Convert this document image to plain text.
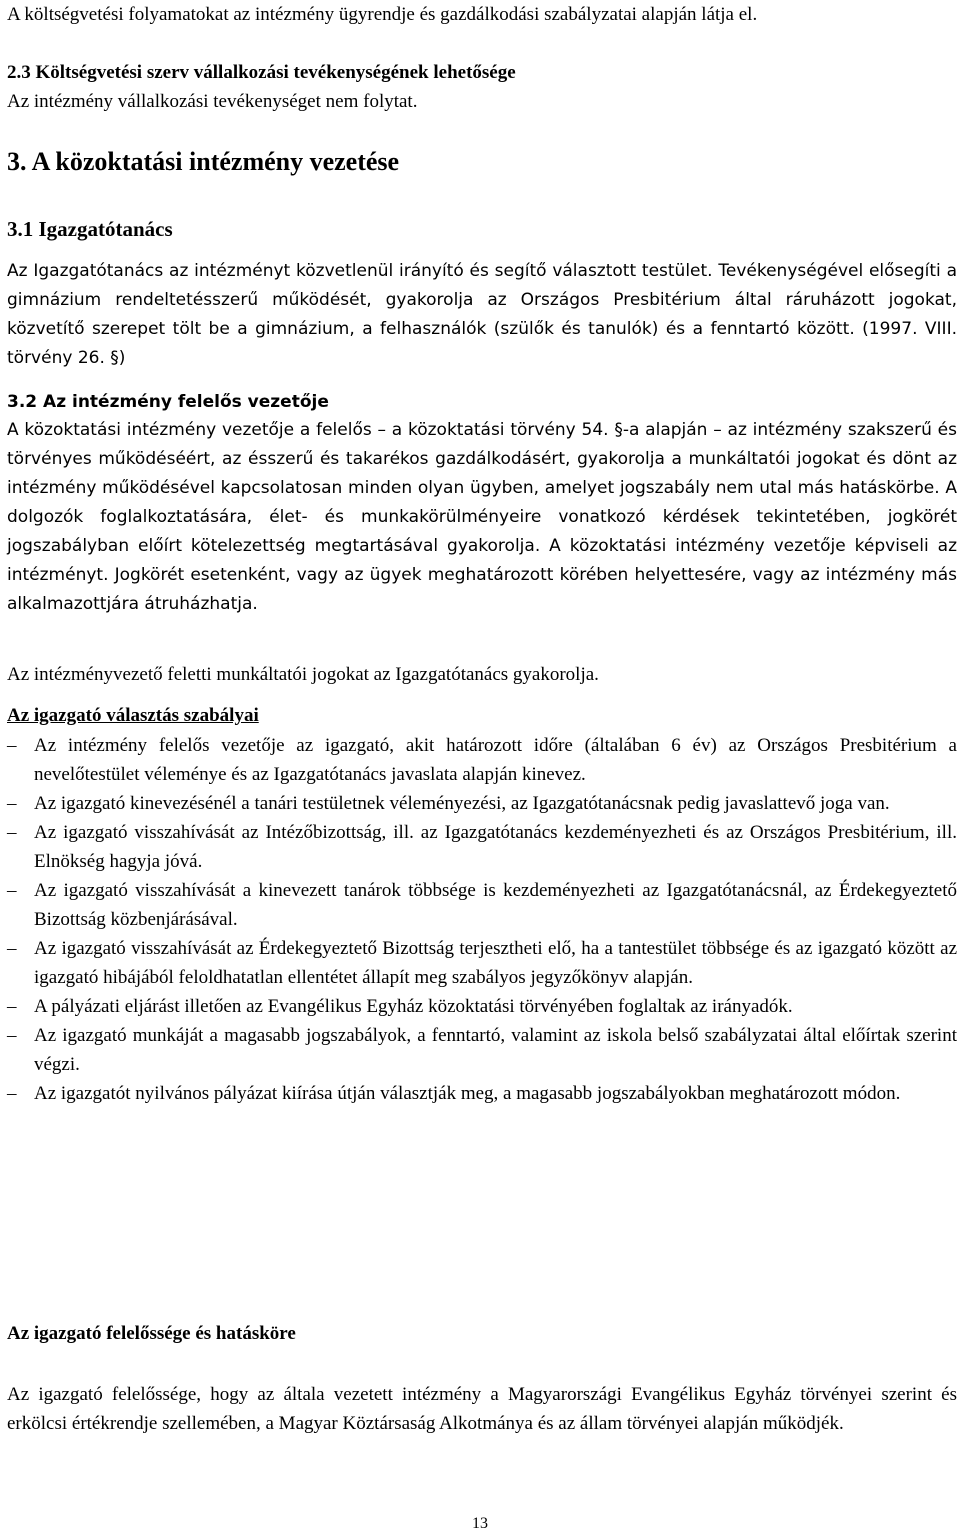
A költségvetési folyamatokat az intézmény ügyrendje és gazdálkodási szabályzatai alapján látja el.

2.3 Költségvetési szerv vállalkozási tevékenységének lehetősége

Az intézmény vállalkozási tevékenységet nem folytat.

3. A közoktatási intézmény vezetése
3.1 Igazgatótanács

Az Igazgatótanács az intézményt közvetlenül irányító és segítő választott testület. Tevékenységével elősegíti a gimnázium rendeltetésszerű működését, gyakorolja az Országos Presbitérium által ráruházott jogokat, közvetítő szerepet tölt be a gimnázium, a felhasználók (szülők és tanulók) és a fenntartó között. (1997. VIII. törvény 26. §)

3.2 Az intézmény felelős vezetője

A közoktatási intézmény vezetője a felelős – a közoktatási törvény 54. §-a alapján – az intézmény szakszerű és törvényes működéséért, az ésszerű és takarékos gazdálkodásért, gyakorolja a munkáltatói jogokat és dönt az intézmény működésével kapcsolatosan minden olyan ügyben, amelyet jogszabály nem utal más hatáskörbe. A dolgozók foglalkoztatására, élet- és munkakörülményeire vonatkozó kérdések tekintetében, jogkörét jogszabályban előírt kötelezettség megtartásával gyakorolja. A közoktatási intézmény vezetője képviseli az intézményt. Jogkörét esetenként, vagy az ügyek meghatározott körében helyettesére, vagy az intézmény más alkalmazottjára átruházhatja.

Az intézményvezető feletti munkáltatói jogokat az Igazgatótanács gyakorolja.

Az igazgató választás szabályai
– Az intézmény felelős vezetője az igazgató, akit határozott időre (általában 6 év) az Országos Presbitérium a nevelőtestület véleménye és az Igazgatótanács javaslata alapján kinevez.
– Az igazgató kinevezésénél a tanári testületnek véleményezési, az Igazgatótanácsnak pedig javaslattevő joga van.
– Az igazgató visszahívását az Intézőbizottság, ill. az Igazgatótanács kezdeményezheti és az Országos Presbitérium, ill. Elnökség hagyja jóvá.
– Az igazgató visszahívását a kinevezett tanárok többsége is kezdeményezheti az Igazgatótanácsnál, az Érdekegyeztető Bizottság közbenjárásával.
– Az igazgató visszahívását az Érdekegyeztető Bizottság terjesztheti elő, ha a tantestület többsége és az igazgató között az igazgató hibájából feloldhatatlan ellentétet állapít meg szabályos jegyzőkönyv alapján.
– A pályázati eljárást illetően az Evangélikus Egyház közoktatási törvényében foglaltak az irányadók.
– Az igazgató munkáját a magasabb jogszabályok, a fenntartó, valamint az iskola belső szabályzatai által előírtak szerint végzi.
– Az igazgatót nyilvános pályázat kiírása útján választják meg, a magasabb jogszabályokban meghatározott módon.
Az igazgató felelőssége és hatásköre

Az igazgató felelőssége, hogy az általa vezetett intézmény a Magyarországi Evangélikus Egyház törvényei szerint és erkölcsi értékrendje szellemében, a Magyar Köztársaság Alkotmánya és az állam törvényei alapján működjék.

13
